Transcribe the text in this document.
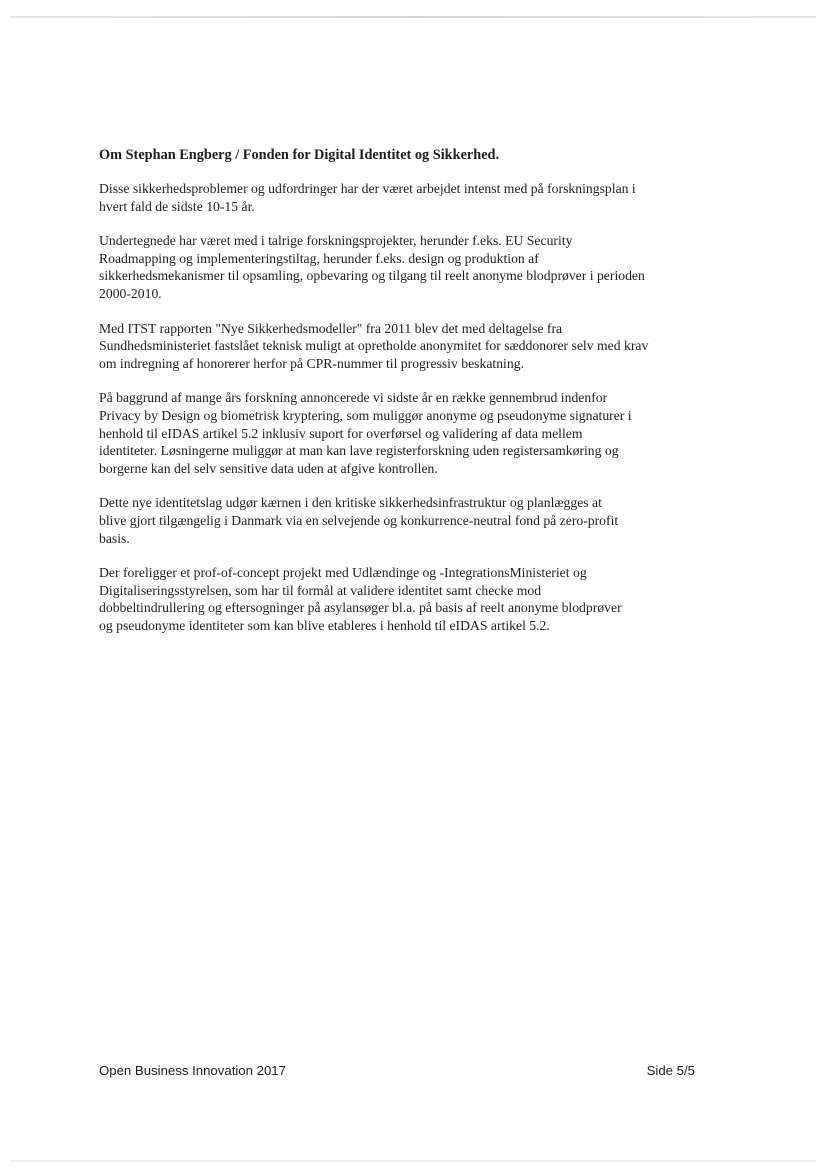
Om Stephan Engberg / Fonden for Digital Identitet og Sikkerhed.
Disse sikkerhedsproblemer og udfordringer har der været arbejdet intenst med på forskningsplan i
hvert fald de sidste 10-15 år.
Undertegnede har været med i talrige forskningsprojekter, herunder f.eks. EU Security
Roadmapping og implementeringstiltag, herunder f.eks. design og produktion af
sikkerhedsmekanismer til opsamling, opbevaring og tilgang til reelt anonyme blodprøver i perioden
2000-2010.
Med ITST rapporten "Nye Sikkerhedsmodeller" fra 2011 blev det med deltagelse fra
Sundhedsministeriet fastslået teknisk muligt at opretholde anonymitet for sæddonorer selv med krav
om indregning af honorerer herfor på CPR-nummer til progressiv beskatning.
På baggrund af mange års forskning annoncerede vi sidste år en række gennembrud indenfor
Privacy by Design og biometrisk kryptering, som muliggør anonyme og pseudonyme signaturer i
henhold til eIDAS artikel 5.2 inklusiv suport for overførsel og validering af data mellem
identiteter. Løsningerne muliggør at man kan lave registerforskning uden registersamkøring og
borgerne kan del selv sensitive data uden at afgive kontrollen.
Dette nye identitetslag udgør kærnen i den kritiske sikkerhedsinfrastruktur og planlægges at
blive gjort tilgængelig i Danmark via en selvejende og konkurrence-neutral fond på zero-profit
basis.
Der foreligger et prof-of-concept projekt med Udlændinge og -IntegrationsMinisteriet og
Digitaliseringsstyrelsen, som har til formål at validere identitet samt checke mod
dobbeltindrullering og eftersogninger på asylansøger bl.a. på basis af reelt anonyme blodprøver
og pseudonyme identiteter som kan blive etableres i henhold til eIDAS artikel 5.2.
Open Business Innovation 2017	Side 5/5
